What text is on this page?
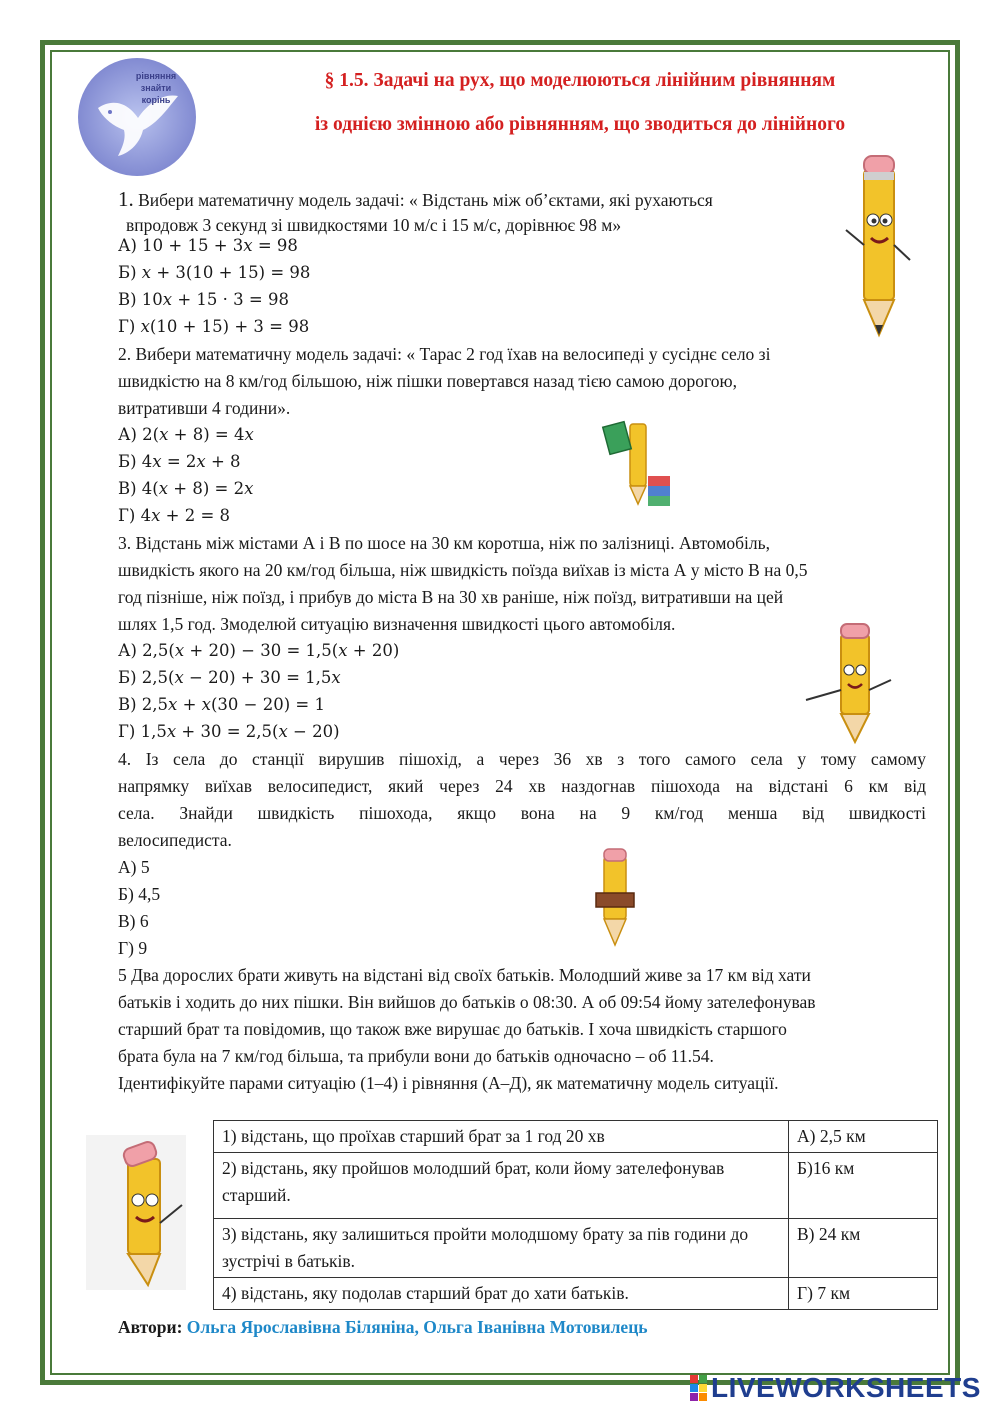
рівняння знайти корінь
§ 1.5. Задачі на рух, що моделюються лінійним рівнянням
із однією змінною або рівнянням, що зводиться до лінійного
1. Вибери математичну модель задачі: « Відстань між об’єктами, які рухаються
впродовж 3 секунд зі швидкостями 10 м/с і 15 м/с, дорівнює 98 м»
А) 10 + 15 + 3𝑥 = 98
Б) 𝑥 + 3(10 + 15) = 98
В) 10𝑥 + 15 · 3 = 98
Г) 𝑥(10 + 15) + 3 = 98
2. Вибери математичну модель задачі: « Тарас 2 год їхав на велосипеді у сусіднє село зі
швидкістю на 8 км/год більшою, ніж пішки повертався назад тією самою дорогою,
витративши 4 години».
А) 2(𝑥 + 8) = 4𝑥
Б) 4𝑥 = 2𝑥 + 8
В) 4(𝑥 + 8) = 2𝑥
Г) 4𝑥 + 2 = 8
3. Відстань між містами А і В по шосе на 30 км коротша, ніж по залізниці. Автомобіль,
швидкість якого на 20 км/год більша, ніж швидкість поїзда виїхав із міста А у місто В на 0,5
год пізніше, ніж поїзд, і прибув до міста В на 30 хв раніше, ніж поїзд, витративши на цей
шлях 1,5 год. Змоделюй ситуацію визначення швидкості цього автомобіля.
А) 2,5(𝑥 + 20) − 30 = 1,5(𝑥 + 20)
Б) 2,5(𝑥 − 20) + 30 = 1,5𝑥
В) 2,5𝑥 + 𝑥(30 − 20) = 1
Г) 1,5𝑥 + 30 = 2,5(𝑥 − 20)
4. Із села до станції вирушив пішохід, а через 36 хв з того самого села у тому самому
напрямку виїхав велосипедист, який через 24 хв наздогнав пішохода на відстані 6 км від
села. Знайди швидкість пішохода, якщо вона на 9 км/год менша від швидкості
велосипедиста.
А) 5
Б) 4,5
В) 6
Г) 9
5 Два дорослих брати живуть на відстані від своїх батьків. Молодший живе за 17 км від хати
батьків і ходить до них пішки. Він вийшов до батьків о 08:30. А об 09:54 йому зателефонував
старший брат та повідомив, що також вже вирушає до батьків. І хоча швидкість старшого
брата була на 7 км/год більша, та прибули вони до батьків одночасно – об 11.54.
Ідентифікуйте парами ситуацію (1–4) і рівняння (А–Д), як математичну модель ситуації.
1) відстань, що проїхав старший брат за 1 год 20 хв	А) 2,5 км
2) відстань, яку пройшов молодший брат, коли йому зателефонував старший.	Б)16 км
3) відстань, яку залишиться пройти молодшому брату за пів години до зустрічі в батьків.	В) 24 км
4) відстань, яку подолав старший брат до хати батьків.	Г) 7 км
Автори: Ольга Ярославівна Біляніна, Ольга Іванівна Мотовилець
LIVEWORKSHEETS
